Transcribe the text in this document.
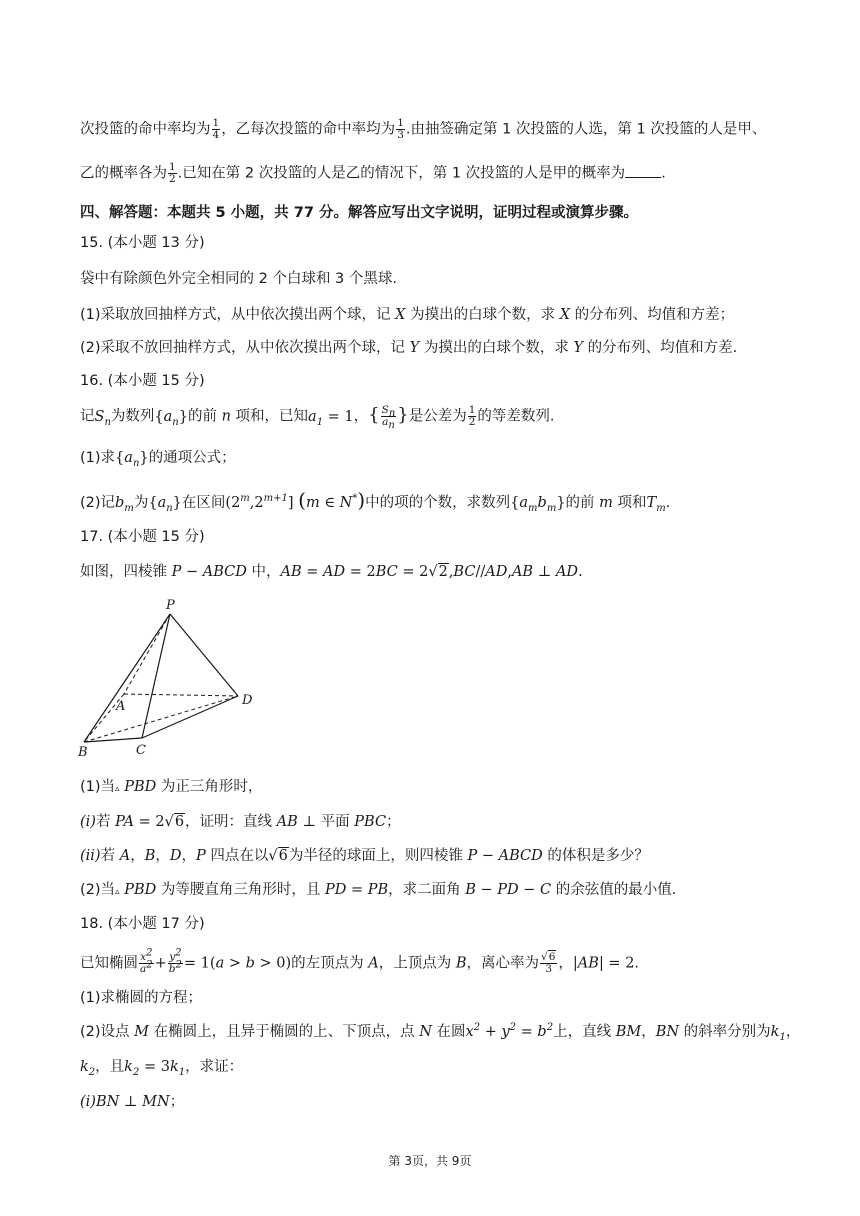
次投篮的命中率均为 $\frac{1}{4}$ ，乙每次投篮的命中率均为 $\frac{1}{3}$ .由抽签确定第 1 次投篮的人选，第 1 次投篮的人是甲、
乙的概率各为 $\frac{1}{2}$ .已知在第 2 次投篮的人是乙的情况下，第 1 次投篮的人是甲的概率为 .
四、解答题：本题共 5 小题，共 77 分。解答应写出文字说明，证明过程或演算步骤。
15. (本小题 13 分)
袋中有除颜色外完全相同的 2 个白球和 3 个黑球.
(1)采取放回抽样方式，从中依次摸出两个球，记 X 为摸出的白球个数，求 X 的分布列、均值和方差；
(2)采取不放回抽样方式，从中依次摸出两个球，记 Y 为摸出的白球个数，求 Y 的分布列、均值和方差.
16. (本小题 15 分)
记$S_n$为数列$\{a_n\}$的前 n 项和，已知$a_1 = 1$，{ $\frac{S_n}{a_n}$ }是公差为 $\frac{1}{2}$ 的等差数列.
(1)求$\{a_n\}$的通项公式；
(2)记$b_m$为$\{a_n\}$在区间$(2^m,2^{m+1}]$ (m ∈ N*)中的项的个数，求数列$\{a_mb_m\}$的前 m 项和$T_m$.
17. (本小题 15 分)
如图，四棱锥 P − ABCD 中，AB = AD = 2BC = 2√2,BC//AD,AB ⊥ AD.
P
A	D
B	C
(1)当▵ PBD 为正三角形时，
(i)若 PA = 2√6，证明：直线 AB ⊥ 平面 PBC；
(ii)若 A，B，D，P 四点在以√6为半径的球面上，则四棱锥 P − ABCD 的体积是多少？
(2)当▵ PBD 为等腰直角三角形时，且 PD = PB，求二面角 B − PD − C 的余弦值的最小值.
18. (本小题 17 分)
已知椭圆 $\frac{x^2}{a^2} + \frac{y^2}{b^2} = 1(a > b > 0)$的左顶点为 A，上顶点为 B，离心率为 $\frac{√6}{3}$ ，|AB| = 2.
(1)求椭圆的方程；
(2)设点 M 在椭圆上，且异于椭圆的上、下顶点，点 N 在圆$x^2 + y^2 = b^2$上，直线 BM，BN 的斜率分别为$k_1$，
$k_2$，且$k_2 = 3k_1$，求证：
(i)BN ⊥ MN；
第 3页，共 9页
